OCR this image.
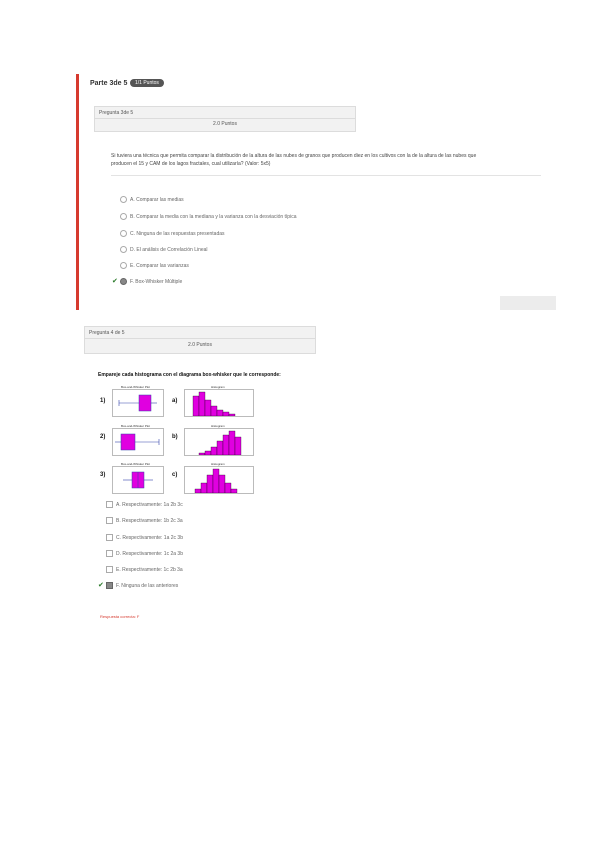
Parte 3de 5	1/1 Puntos
Pregunta 3de 5
2.0 Puntos
Si tuviera una técnica que permita comparar la distribución de la altura de las nubes de granos que producen diez en los cultivos con la de la altura de las nubes que
producen el 15 y CAM de los lagos fractales, cual utilizaría? (Valor: 5x5)
A. Comparar las medias
B. Comparar la media con la mediana y la varianza con la desviación típica
C. Ninguna de las respuestas presentadas
D. El análisis de Correlación Lineal
E. Comparar las varianzas
✔	F. Box-Whisker Múltiple
Pregunta 4 de 5
2.0 Puntos
Empareje cada histograma con el diagrama box-whisker que le corresponde:
1)
Box-and-Whisker Plot
a)
Histogram
2)
Box-and-Whisker Plot
b)
Histogram
3)
Box-and-Whisker Plot
c)
Histogram
A. Respectivamente: 1a 2b 3c
B. Respectivamente: 1b 2c 3a
C. Respectivamente: 1a 2c 3b
D. Respectivamente: 1c 2a 3b
E. Respectivamente: 1c 2b 3a
✔	F. Ninguna de las anteriores
Respuesta correcta: F
